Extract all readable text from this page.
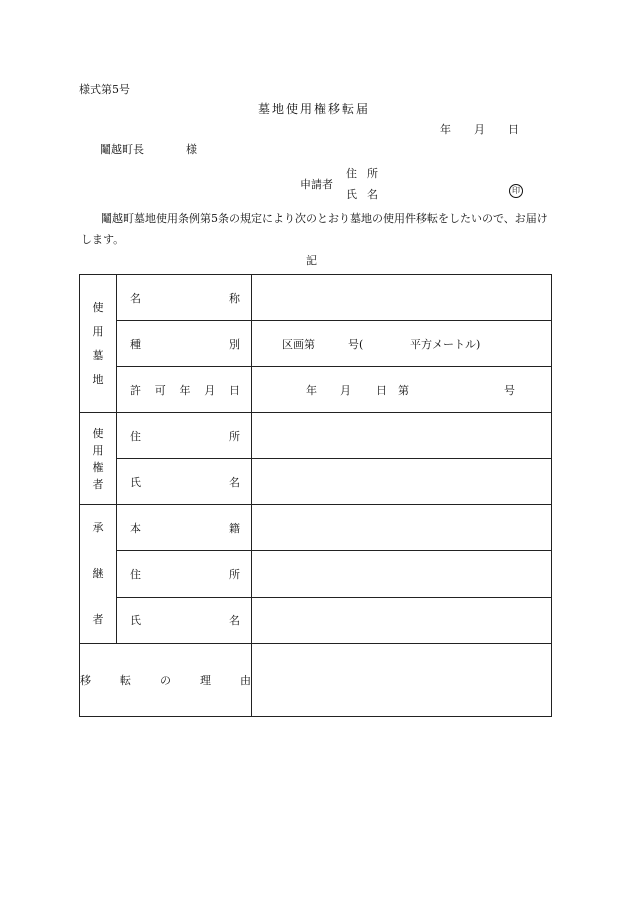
様式第5号
墓地使用権移転届
年 月 日
鬮越町長	様
申請者
住所
氏名	印
鬮越町墓地使用条例第5条の規定により次のとおり墓地の使用件移転をしたいので、お届けします。
記
使
用
墓
地	名 称	

	種 別	区画第 号( 平方メートル)

	許 可 年 月 日	年 月 日 第 号

使
用
権
者	住 所	

	氏 名	

承
継
者	本 籍	

	住 所	

	氏 名	

移 転 の 理 由		
